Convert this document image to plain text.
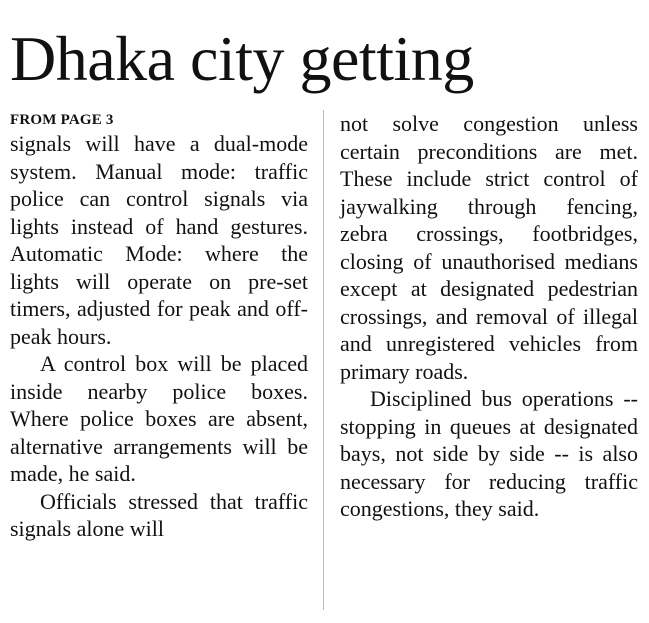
Dhaka city getting
FROM PAGE 3

signals will have a dual-mode system. Manual mode: traffic police can control signals via lights instead of hand gestures. Automatic Mode: where the lights will operate on pre-set timers, adjusted for peak and off-peak hours.

A control box will be placed inside nearby police boxes. Where police boxes are absent, alternative arrangements will be made, he said.

Officials stressed that traffic signals alone will

not solve congestion unless certain preconditions are met. These include strict control of jaywalking through fencing, zebra crossings, footbridges, closing of unauthorised medians except at designated pedestrian crossings, and removal of illegal and unregistered vehicles from primary roads.

Disciplined bus operations -- stopping in queues at designated bays, not side by side -- is also necessary for reducing traffic congestions, they said.
